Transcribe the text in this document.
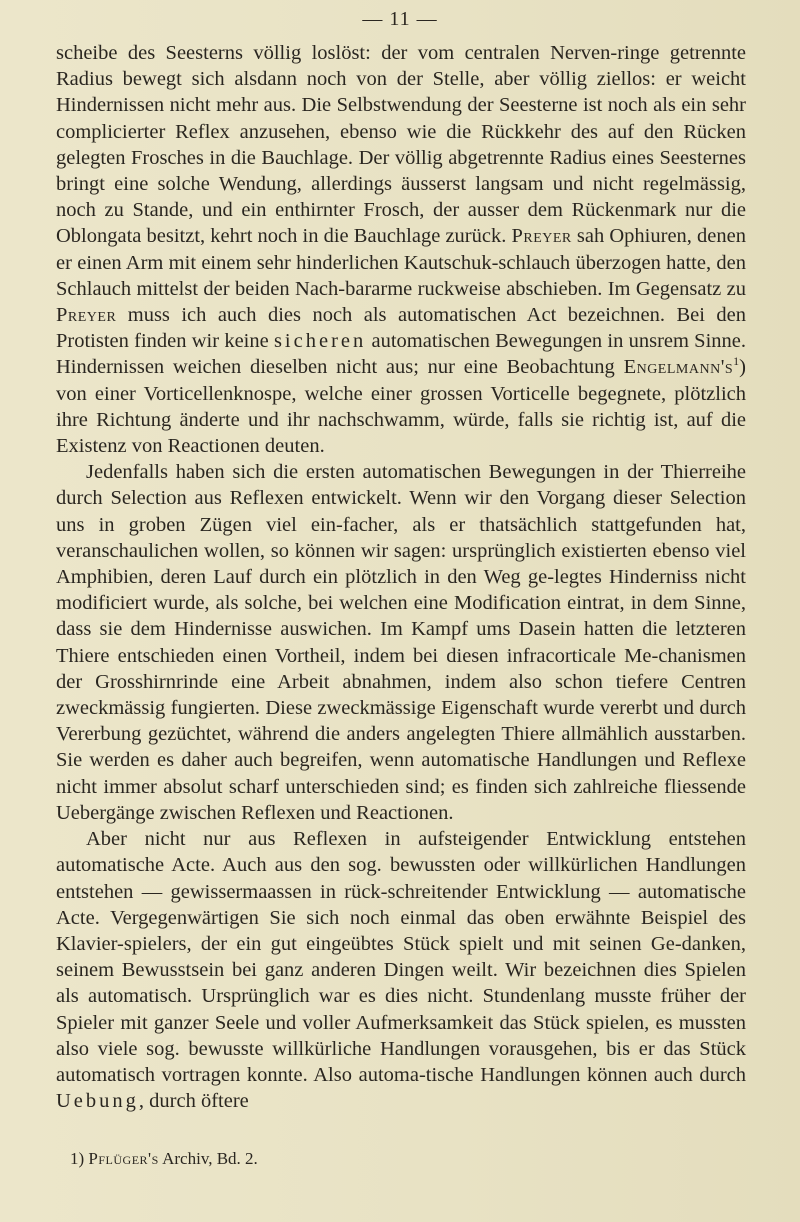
— 11 —

scheibe des Seesterns völlig loslöst: der vom centralen Nerven-ringe getrennte Radius bewegt sich alsdann noch von der Stelle, aber völlig ziellos: er weicht Hindernissen nicht mehr aus. Die Selbstwendung der Seesterne ist noch als ein sehr complicierter Reflex anzusehen, ebenso wie die Rückkehr des auf den Rücken gelegten Frosches in die Bauchlage. Der völlig abgetrennte Radius eines Seesternes bringt eine solche Wendung, allerdings äusserst langsam und nicht regelmässig, noch zu Stande, und ein enthirnter Frosch, der ausser dem Rückenmark nur die Oblongata besitzt, kehrt noch in die Bauchlage zurück. Preyer sah Ophiuren, denen er einen Arm mit einem sehr hinderlichen Kautschuk-schlauch überzogen hatte, den Schlauch mittelst der beiden Nach-bararme ruckweise abschieben. Im Gegensatz zu Preyer muss ich auch dies noch als automatischen Act bezeichnen. Bei den Protisten finden wir keine sicheren automatischen Bewegungen in unsrem Sinne. Hindernissen weichen dieselben nicht aus; nur eine Beobachtung $Engelmann's^1$) von einer Vorticellenknospe, welche einer grossen Vorticelle begegnete, plötzlich ihre Richtung änderte und ihr nachschwamm, würde, falls sie richtig ist, auf die Existenz von Reactionen deuten.

Jedenfalls haben sich die ersten automatischen Bewegungen in der Thierreihe durch Selection aus Reflexen entwickelt. Wenn wir den Vorgang dieser Selection uns in groben Zügen viel ein-facher, als er thatsächlich stattgefunden hat, veranschaulichen wollen, so können wir sagen: ursprünglich existierten ebenso viel Amphibien, deren Lauf durch ein plötzlich in den Weg ge-legtes Hinderniss nicht modificiert wurde, als solche, bei welchen eine Modification eintrat, in dem Sinne, dass sie dem Hindernisse auswichen. Im Kampf ums Dasein hatten die letzteren Thiere entschieden einen Vortheil, indem bei diesen infracorticale Me-chanismen der Grosshirnrinde eine Arbeit abnahmen, indem also schon tiefere Centren zweckmässig fungierten. Diese zweckmässige Eigenschaft wurde vererbt und durch Vererbung gezüchtet, während die anders angelegten Thiere allmählich ausstarben. Sie werden es daher auch begreifen, wenn automatische Handlungen und Reflexe nicht immer absolut scharf unterschieden sind; es finden sich zahlreiche fliessende Uebergänge zwischen Reflexen und Reactionen.

Aber nicht nur aus Reflexen in aufsteigender Entwicklung entstehen automatische Acte. Auch aus den sog. bewussten oder willkürlichen Handlungen entstehen — gewissermaassen in rück-schreitender Entwicklung — automatische Acte. Vergegenwärtigen Sie sich noch einmal das oben erwähnte Beispiel des Klavier-spielers, der ein gut eingeübtes Stück spielt und mit seinen Ge-danken, seinem Bewusstsein bei ganz anderen Dingen weilt. Wir bezeichnen dies Spielen als automatisch. Ursprünglich war es dies nicht. Stundenlang musste früher der Spieler mit ganzer Seele und voller Aufmerksamkeit das Stück spielen, es mussten also viele sog. bewusste willkürliche Handlungen vorausgehen, bis er das Stück automatisch vortragen konnte. Also automa-tische Handlungen können auch durch Uebung, durch öftere

1) Pflüger's Archiv, Bd. 2.
